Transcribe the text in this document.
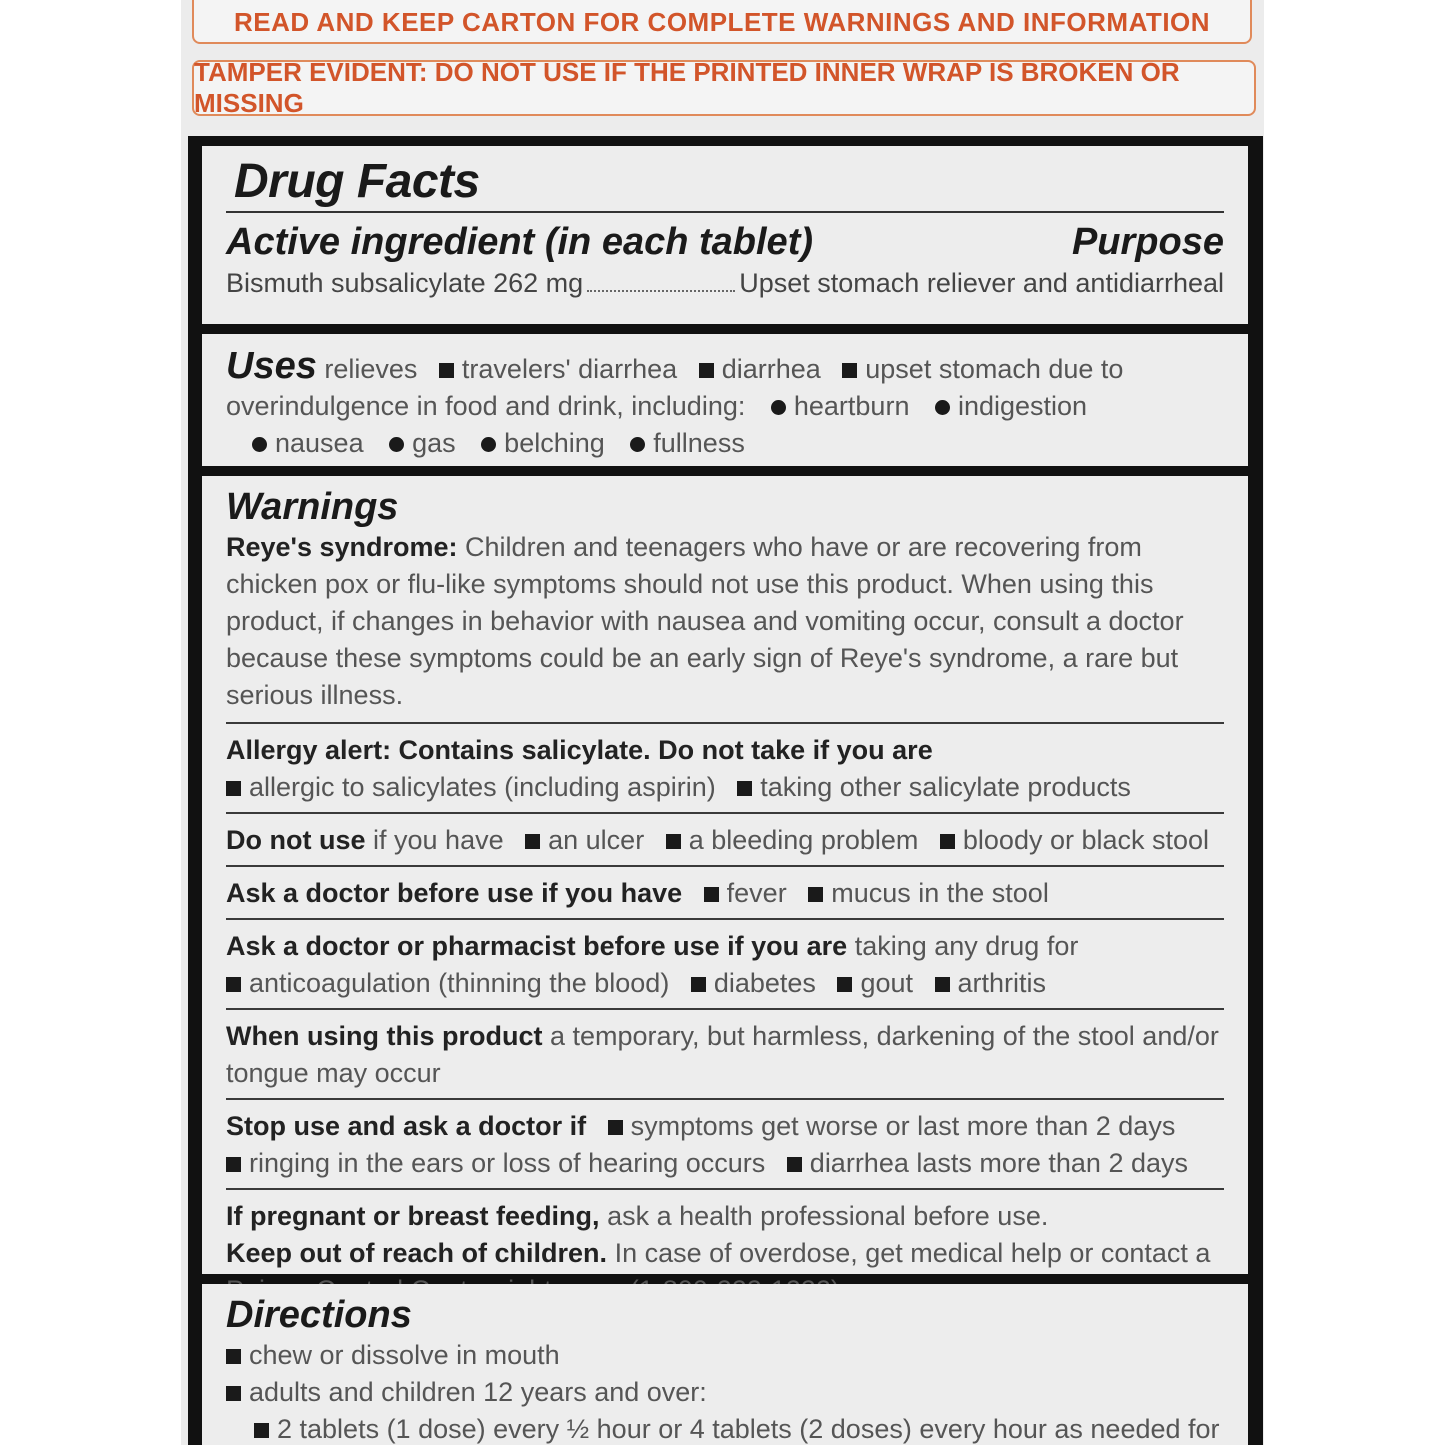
READ AND KEEP CARTON FOR COMPLETE WARNINGS AND INFORMATION
TAMPER EVIDENT: DO NOT USE IF THE PRINTED INNER WRAP IS BROKEN OR MISSING
Drug Facts
Active ingredient (in each tablet)	Purpose
Bismuth subsalicylate 262 mg	Upset stomach reliever and antidiarrheal
Uses relieves travelers' diarrhea diarrhea upset stomach due to
overindulgence in food and drink, including: heartburn indigestion
nausea gas belching fullness
Warnings
Reye's syndrome: Children and teenagers who have or are recovering from chicken pox or flu-like symptoms should not use this product. When using this product, if changes in behavior with nausea and vomiting occur, consult a doctor because these symptoms could be an early sign of Reye's syndrome, a rare but serious illness.
Allergy alert: Contains salicylate. Do not take if you are
allergic to salicylates (including aspirin) taking other salicylate products
Do not use if you have an ulcer a bleeding problem bloody or black stool
Ask a doctor before use if you have fever mucus in the stool
Ask a doctor or pharmacist before use if you are taking any drug for
anticoagulation (thinning the blood) diabetes gout arthritis
When using this product a temporary, but harmless, darkening of the stool and/or tongue may occur
Stop use and ask a doctor if symptoms get worse or last more than 2 days
ringing in the ears or loss of hearing occurs diarrhea lasts more than 2 days
If pregnant or breast feeding, ask a health professional before use.
Keep out of reach of children. In case of overdose, get medical help or contact a
Directions
chew or dissolve in mouth
adults and children 12 years and over:
2 tablets (1 dose) every ½ hour or 4 tablets (2 doses) every hour as needed for
